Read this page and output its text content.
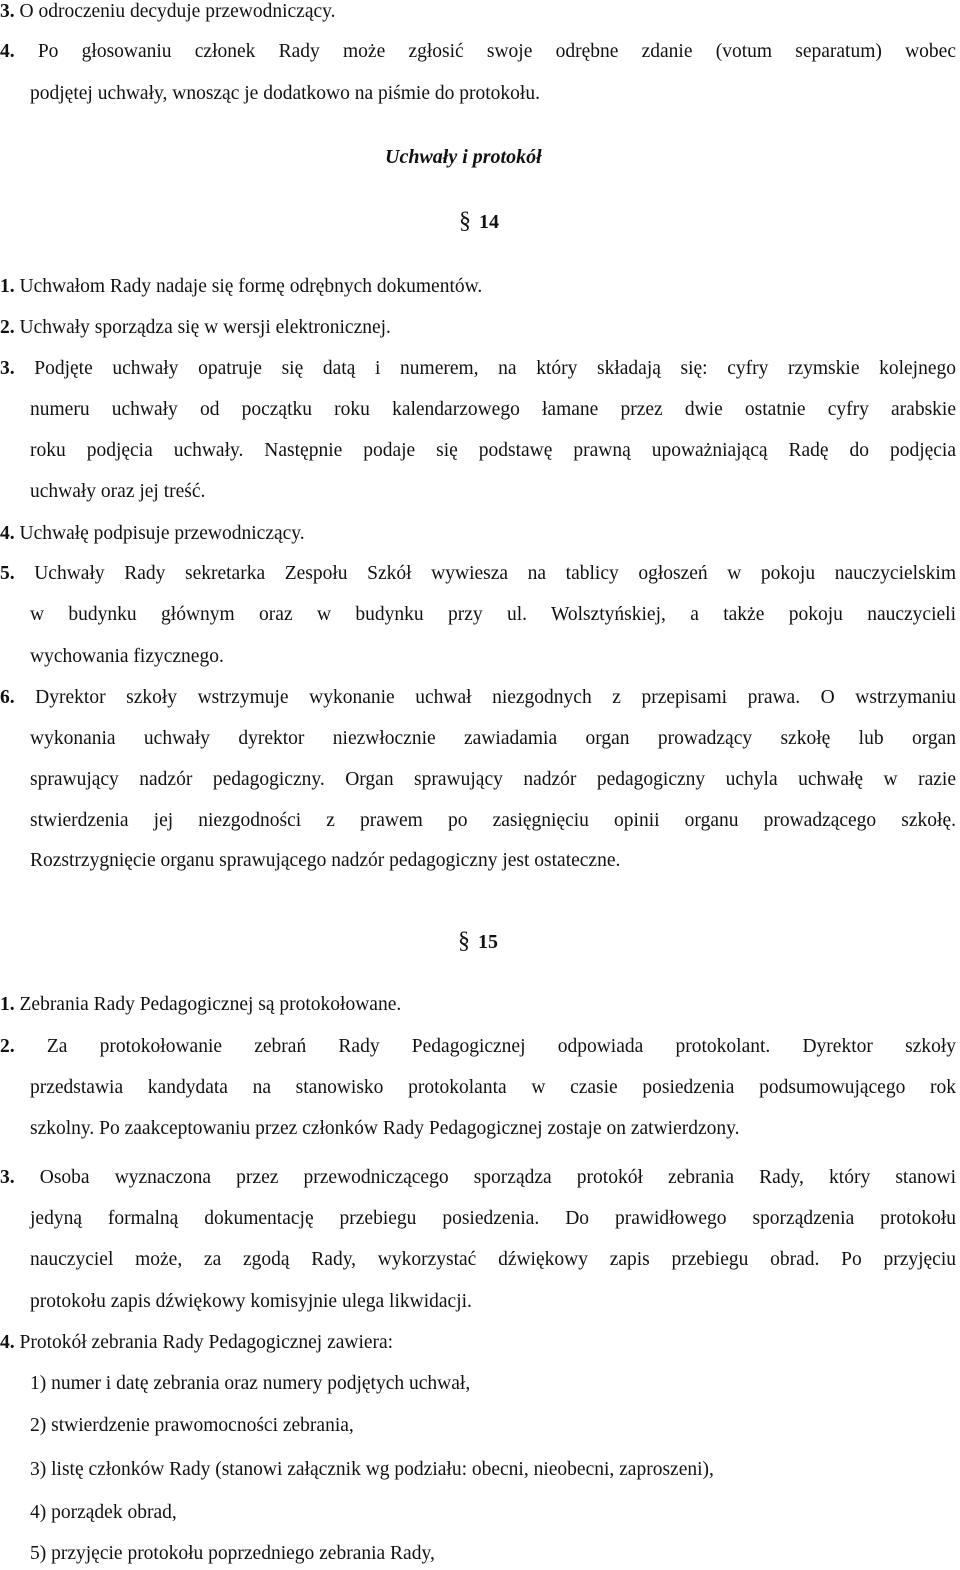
3. O odroczeniu decyduje przewodniczący.
4. Po głosowaniu członek Rady może zgłosić swoje odrębne zdanie (votum separatum) wobec
podjętej uchwały, wnosząc je dodatkowo na piśmie do protokołu.
Uchwały i protokół
§ 14
1. Uchwałom Rady nadaje się formę odrębnych dokumentów.
2. Uchwały sporządza się w wersji elektronicznej.
3. Podjęte uchwały opatruje się datą i numerem, na który składają się: cyfry rzymskie kolejnego
numeru uchwały od początku roku kalendarzowego łamane przez dwie ostatnie cyfry arabskie
roku podjęcia uchwały. Następnie podaje się podstawę prawną upoważniającą Radę do podjęcia
uchwały oraz jej treść.
4. Uchwałę podpisuje przewodniczący.
5. Uchwały Rady sekretarka Zespołu Szkół wywiesza na tablicy ogłoszeń w pokoju nauczycielskim
w budynku głównym oraz w budynku przy ul. Wolsztyńskiej, a także pokoju nauczycieli
wychowania fizycznego.
6. Dyrektor szkoły wstrzymuje wykonanie uchwał niezgodnych z przepisami prawa. O wstrzymaniu
wykonania uchwały dyrektor niezwłocznie zawiadamia organ prowadzący szkołę lub organ
sprawujący nadzór pedagogiczny. Organ sprawujący nadzór pedagogiczny uchyla uchwałę w razie
stwierdzenia jej niezgodności z prawem po zasięgnięciu opinii organu prowadzącego szkołę.
Rozstrzygnięcie organu sprawującego nadzór pedagogiczny jest ostateczne.
§ 15
1. Zebrania Rady Pedagogicznej są protokołowane.
2. Za protokołowanie zebrań Rady Pedagogicznej odpowiada protokolant. Dyrektor szkoły
przedstawia kandydata na stanowisko protokolanta w czasie posiedzenia podsumowującego rok
szkolny. Po zaakceptowaniu przez członków Rady Pedagogicznej zostaje on zatwierdzony.
3. Osoba wyznaczona przez przewodniczącego sporządza protokół zebrania Rady, który stanowi
jedyną formalną dokumentację przebiegu posiedzenia. Do prawidłowego sporządzenia protokołu
nauczyciel może, za zgodą Rady, wykorzystać dźwiękowy zapis przebiegu obrad. Po przyjęciu
protokołu zapis dźwiękowy komisyjnie ulega likwidacji.
4. Protokół zebrania Rady Pedagogicznej zawiera:
1) numer i datę zebrania oraz numery podjętych uchwał,
2) stwierdzenie prawomocności zebrania,
3) listę członków Rady (stanowi załącznik wg podziału: obecni, nieobecni, zaproszeni),
4) porządek obrad,
5) przyjęcie protokołu poprzedniego zebrania Rady,
